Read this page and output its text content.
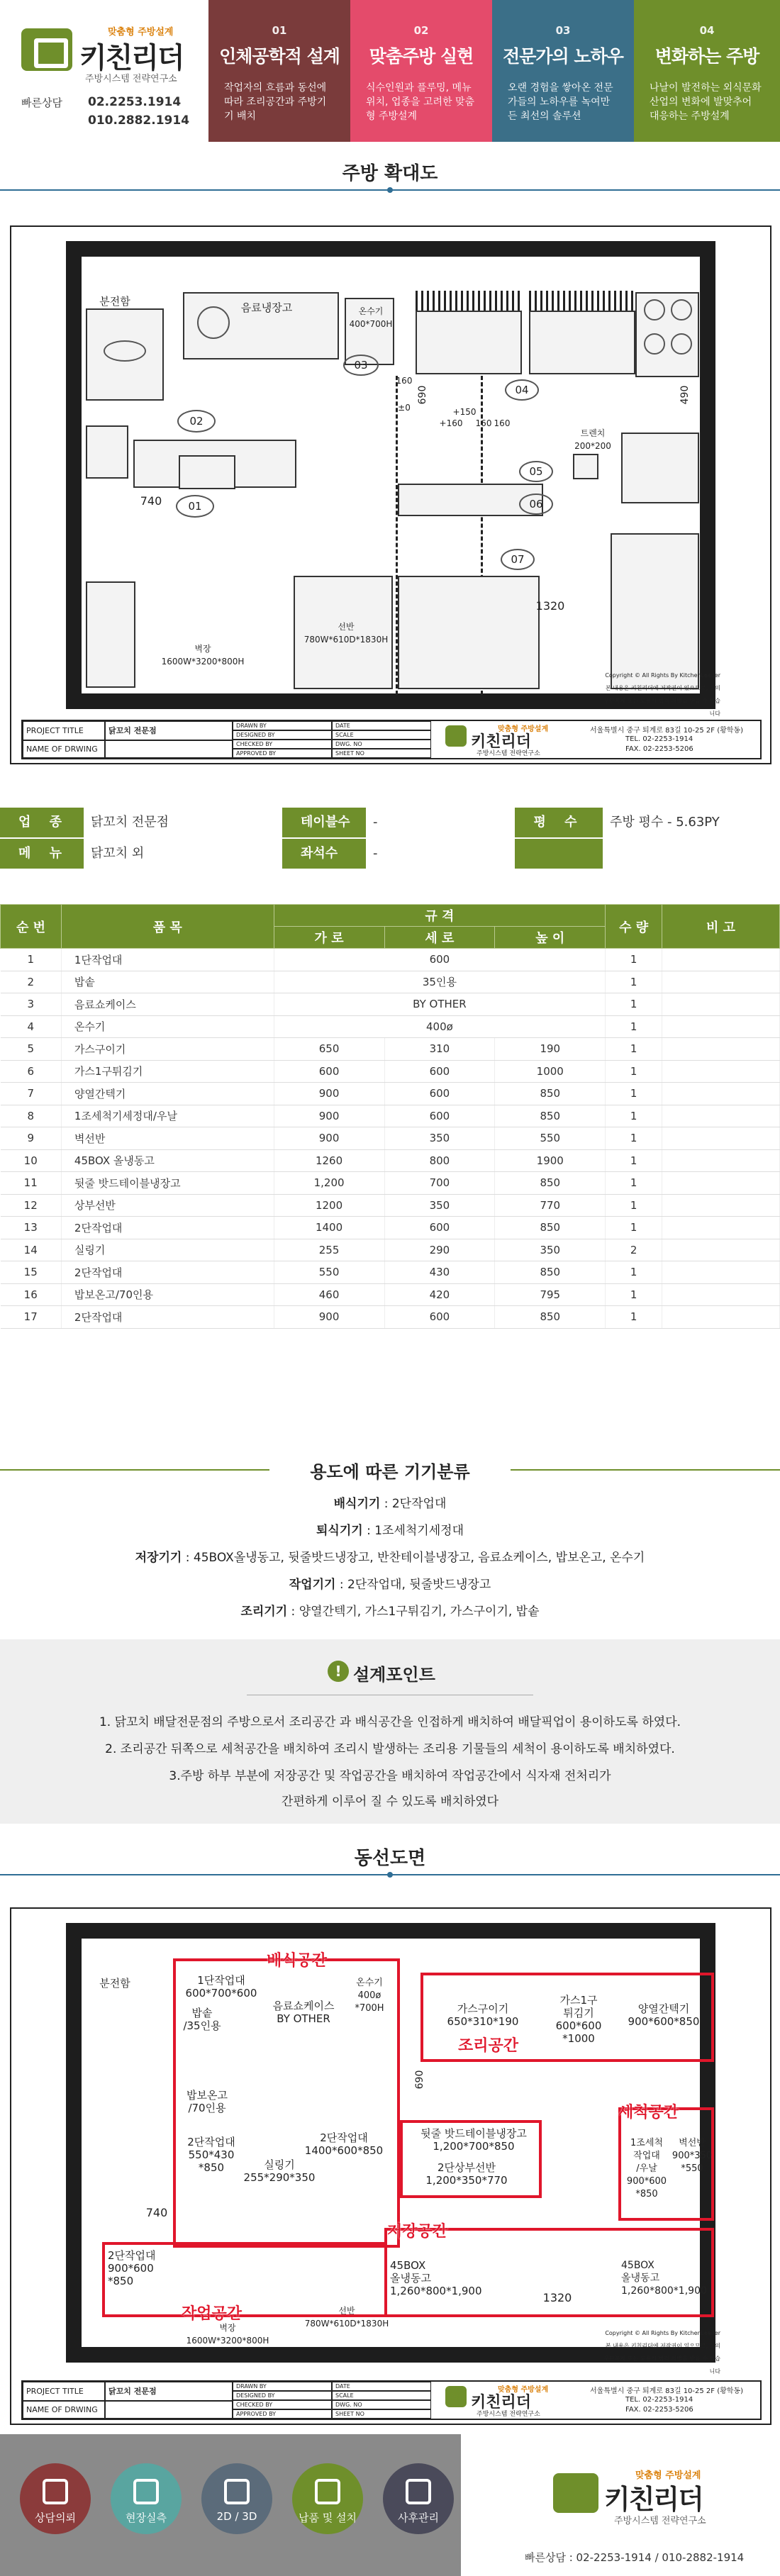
맞춤형 주방설계
키친리더
주방시스템 전략연구소
빠른상담 02.2253.1914
010.2882.1914
01
인체공학적 설계
작업자의 흐름과 동선에 따라 조리공간과 주방기기 배치
02
맞춤주방 실현
식수인원과 플루밍, 메뉴위치, 업종을 고려한 맞춤형 주방설계
03
전문가의 노하우
오랜 경험을 쌓아온 전문가들의 노하우를 녹여만든 최선의 솔루션
04
변화하는 주방
나날이 발전하는 외식문화 산업의 변화에 발맞추어 대응하는 주방설계
주방 확대도
분전함	음료냉장고	온수기
400*700H
03
04
160
±0	+150
160
+160	160
690	490
02
01
05
06
트렌치
200*200
07
740
선반
780W*610D*1830H
벽장
1600W*3200*800H
1320
Copyright © All Rights By KitchenLeader
본 내용은 키친리더에 저작권이 있으므로, 동의
무단복제 또는 도용시 법적 처벌을 받을 수 있습니다
PROJECT TITLE	닭꼬치 전문점
NAME OF DRWING
DRAWN BY
DESIGNED BY
CHECKED BY
APPROVED BY
DATE
SCALE
DWG. NO
SHEET NO
맞춤형 주방설계
키친리더
주방시스템 전략연구소
서울특별시 중구 퇴계로 83길 10-25 2F (황학동)
TEL. 02-2253-1914
FAX. 02-2253-5206
업 종	닭꼬치 전문점	테이블수	-	평 수	주방 평수 - 5.63PY
메 뉴	닭꼬치 외	좌석수	-
순 번	품 목	규 격			수 량	비 고
		가 로	세 로	높 이		
1	1단작업대	600			1	
2	밥솥	35인용			1	
3	음료쇼케이스	BY OTHER			1	
4	온수기	400ø			1	
5	가스구이기	650	310	190	1	
6	가스1구튀김기	600	600	1000	1	
7	양열간텍기	900	600	850	1	
8	1조세척기세정대/우날	900	600	850	1	
9	벽선반	900	350	550	1	
10	45BOX 올냉동고	1260	800	1900	1	
11	뒷줄 밧드테이블냉장고	1,200	700	850	1	
12	상부선반	1200	350	770	1	
13	2단작업대	1400	600	850	1	
14	실링기	255	290	350	2	
15	2단작업대	550	430	850	1	
16	밥보온고/70인용	460	420	795	1	
17	2단작업대	900	600	850	1	
용도에 따른 기기분류
배식기기 : 2단작업대
퇴식기기 : 1조세척기세정대
저장기기 : 45BOX올냉동고, 뒷줄밧드냉장고, 반찬테이블냉장고, 음료쇼케이스, 밥보온고, 온수기
작업기기 : 2단작업대, 뒷줄밧드냉장고
조리기기 : 양열간텍기, 가스1구튀김기, 가스구이기, 밥솥
! 설계포인트
1. 닭꼬치 배달전문점의 주방으로서 조리공간 과 배식공간을 인접하게 배치하여 배달픽업이 용이하도록 하였다.
2. 조리공간 뒤쪽으로 세척공간을 배치하여 조리시 발생하는 조리용 기물들의 세척이 용이하도록 배치하였다.
3.주방 하부 부분에 저장공간 및 작업공간을 배치하여 작업공간에서 식자재 전처리가
간편하게 이루어 질 수 있도록 배치하였다
동선도면
분전함
배식공간
1단작업대
600*700*600
밥솥
/35인용
음료쇼케이스
BY OTHER
온수기
400ø
*700H
밥보온고
/70인용
2단작업대
550*430
*850
2단작업대
1400*600*850
실링기
255*290*350
조리공간
가스구이기
650*310*190
가스1구
튀김기
600*600
*1000
양열간텍기
900*600*850
뒷줄 밧드테이블냉장고
1,200*700*850
2단상부선반
1,200*350*770
세척공간
1조세척
작업대
/우날
900*600
*850
벽선반
900*350
*550
저장공간
45BOX
올냉동고
1,260*800*1,900
45BOX
올냉동고
1,260*800*1,900
1320
작업공간
2단작업대
900*600
*850
벽장
1600W*3200*800H
선반
780W*610D*1830H
740
690
Copyright © All Rights By KitchenLeader
본 내용은 키친리더에 저작권이 있으므로, 동의
무단복제 또는 도용시 법적 처벌을 받을 수 있습니다
PROJECT TITLE	닭꼬치 전문점
NAME OF DRWING
DRAWN BY
DESIGNED BY
CHECKED BY
APPROVED BY
DATE
SCALE
DWG. NO
SHEET NO
맞춤형 주방설계
키친리더
주방시스템 전략연구소
서울특별시 중구 퇴계로 83길 10-25 2F (황학동)
TEL. 02-2253-1914
FAX. 02-2253-5206
상담의뢰	현장실측	2D / 3D	납품 및 설치	사후관리
맞춤형 주방설계
키친리더
주방시스템 전략연구소
빠른상담 : 02-2253-1914 / 010-2882-1914
